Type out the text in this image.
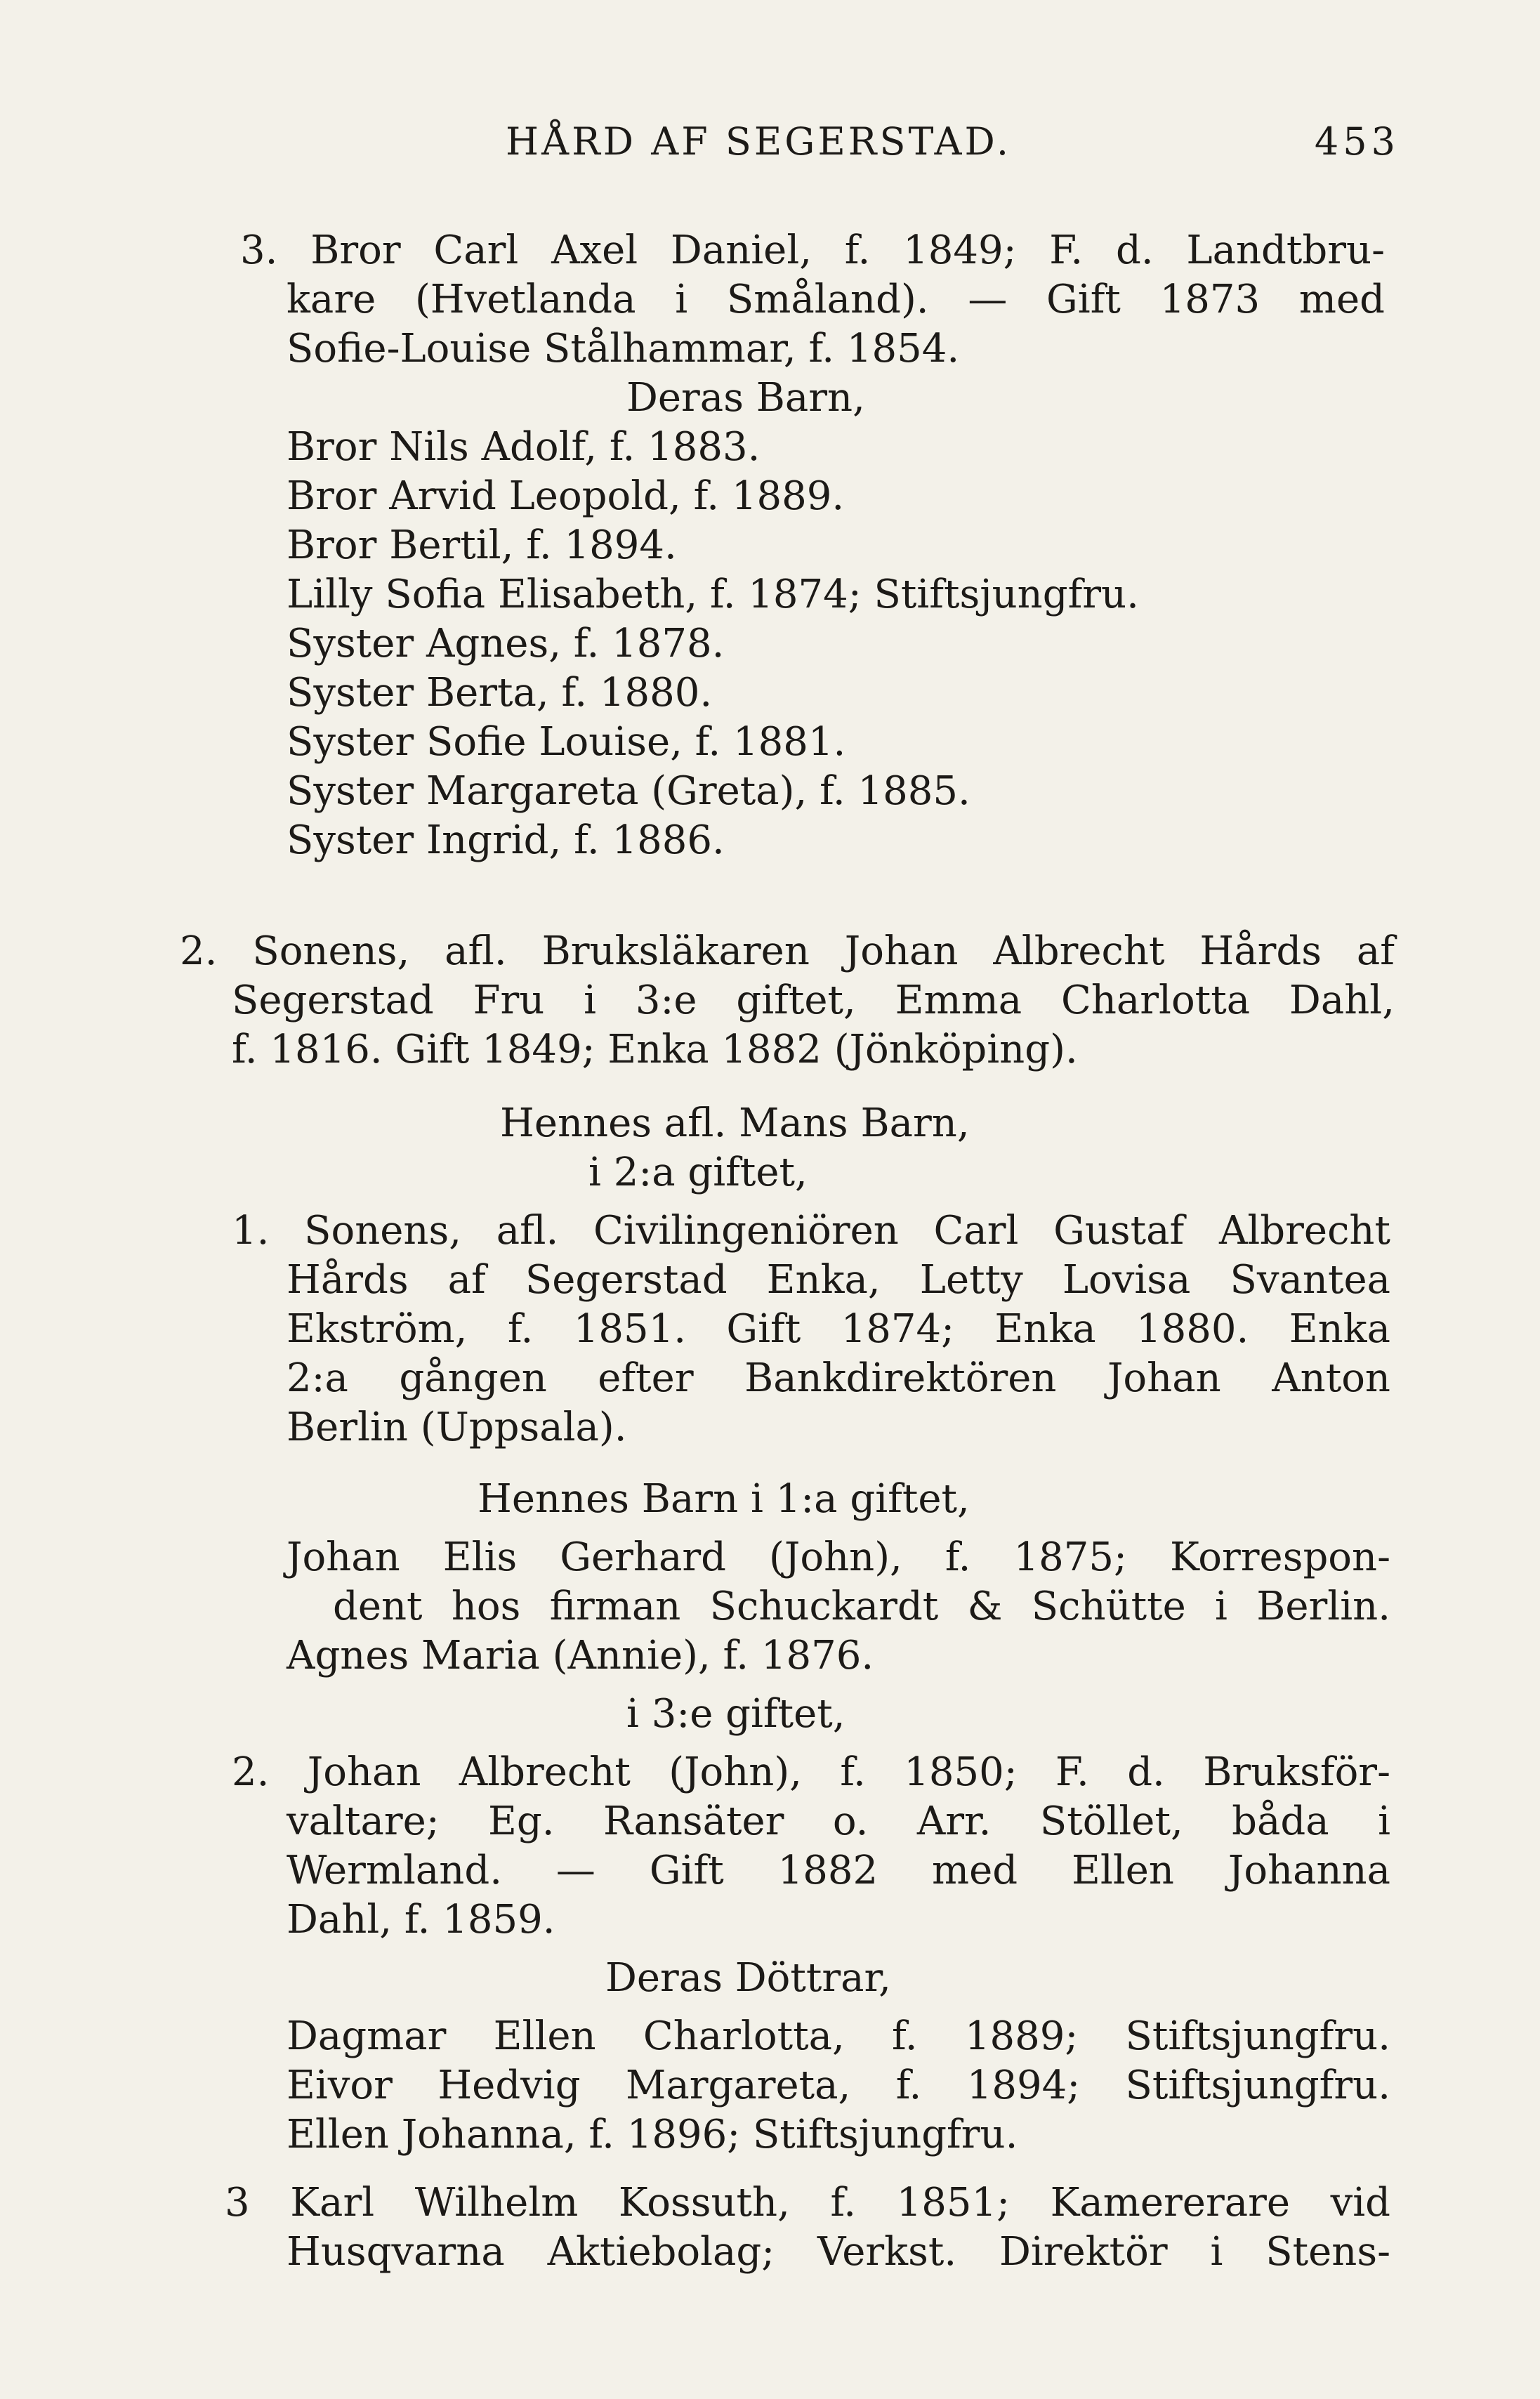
HÅRD AF SEGERSTAD.	453
3. Bror Carl Axel Daniel, f. 1849; F. d. Landtbru-
kare (Hvetlanda i Småland). — Gift 1873 med
Sofie-Louise Stålhammar, f. 1854.
Deras Barn,
Bror Nils Adolf, f. 1883.
Bror Arvid Leopold, f. 1889.
Bror Bertil, f. 1894.
Lilly Sofia Elisabeth, f. 1874; Stiftsjungfru.
Syster Agnes, f. 1878.
Syster Berta, f. 1880.
Syster Sofie Louise, f. 1881.
Syster Margareta (Greta), f. 1885.
Syster Ingrid, f. 1886.
2. Sonens, afl. Bruksläkaren Johan Albrecht Hårds af
Segerstad Fru i 3:e giftet, Emma Charlotta Dahl,
f. 1816. Gift 1849; Enka 1882 (Jönköping).
Hennes afl. Mans Barn,
i 2:a giftet,
1. Sonens, afl. Civilingeniören Carl Gustaf Albrecht
Hårds af Segerstad Enka, Letty Lovisa Svantea
Ekström, f. 1851. Gift 1874; Enka 1880. Enka
2:a gången efter Bankdirektören Johan Anton
Berlin (Uppsala).
Hennes Barn i 1:a giftet,
Johan Elis Gerhard (John), f. 1875; Korrespon-
dent hos firman Schuckardt & Schütte i Berlin.
Agnes Maria (Annie), f. 1876.
i 3:e giftet,
2. Johan Albrecht (John), f. 1850; F. d. Bruksför-
valtare; Eg. Ransäter o. Arr. Stöllet, båda i
Wermland. — Gift 1882 med Ellen Johanna
Dahl, f. 1859.
Deras Döttrar,
Dagmar Ellen Charlotta, f. 1889; Stiftsjungfru.
Eivor Hedvig Margareta, f. 1894; Stiftsjungfru.
Ellen Johanna, f. 1896; Stiftsjungfru.
3 Karl Wilhelm Kossuth, f. 1851; Kamererare vid
Husqvarna Aktiebolag; Verkst. Direktör i Stens-
